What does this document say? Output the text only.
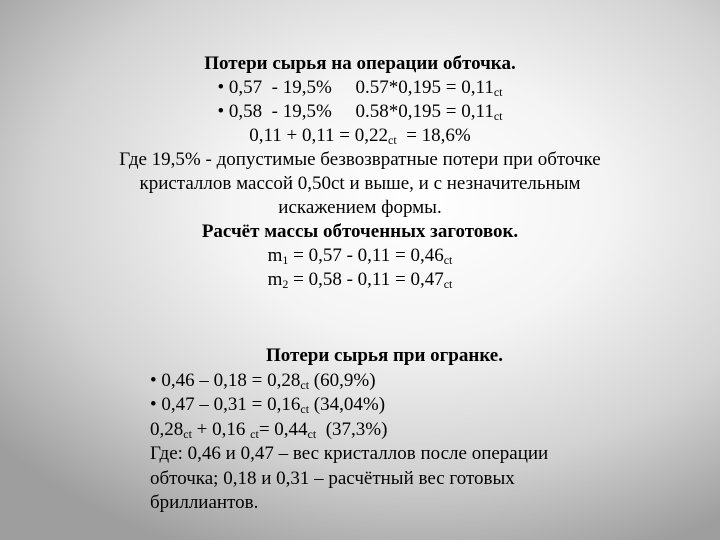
Потери сырья на операции обточка.
• 0,57  - 19,5%     $0.57*0,195 = 0,11_{ct}$
• 0,58  - 19,5%     $0.58*0,195 = 0,11_{ct}$
$0,11 + 0,11 = 0,22_{ct} = 18,6\%$
Где 19,5% - допустимые безвозвратные потери при обточке кристаллов массой 0,50ct и выше, и с незначительным искажением формы.
Расчёт массы обточенных заготовок.
$m_1 = 0,57 - 0,11 = 0,46_{ct}$
$m_2 = 0,58 - 0,11 = 0,47_{ct}$
Потери сырья при огранке.
• $0,46 - 0,18 = 0,28_{ct}$ (60,9%)
• $0,47 - 0,31 = 0,16_{ct}$ (34,04%)
$0,28_{ct} + 0,16$ $_{ct}= 0,44_{ct}$  (37,3%)
Где: 0,46 и 0,47 – вес кристаллов после операции обточка; 0,18 и 0,31 – расчётный вес готовых бриллиантов.
